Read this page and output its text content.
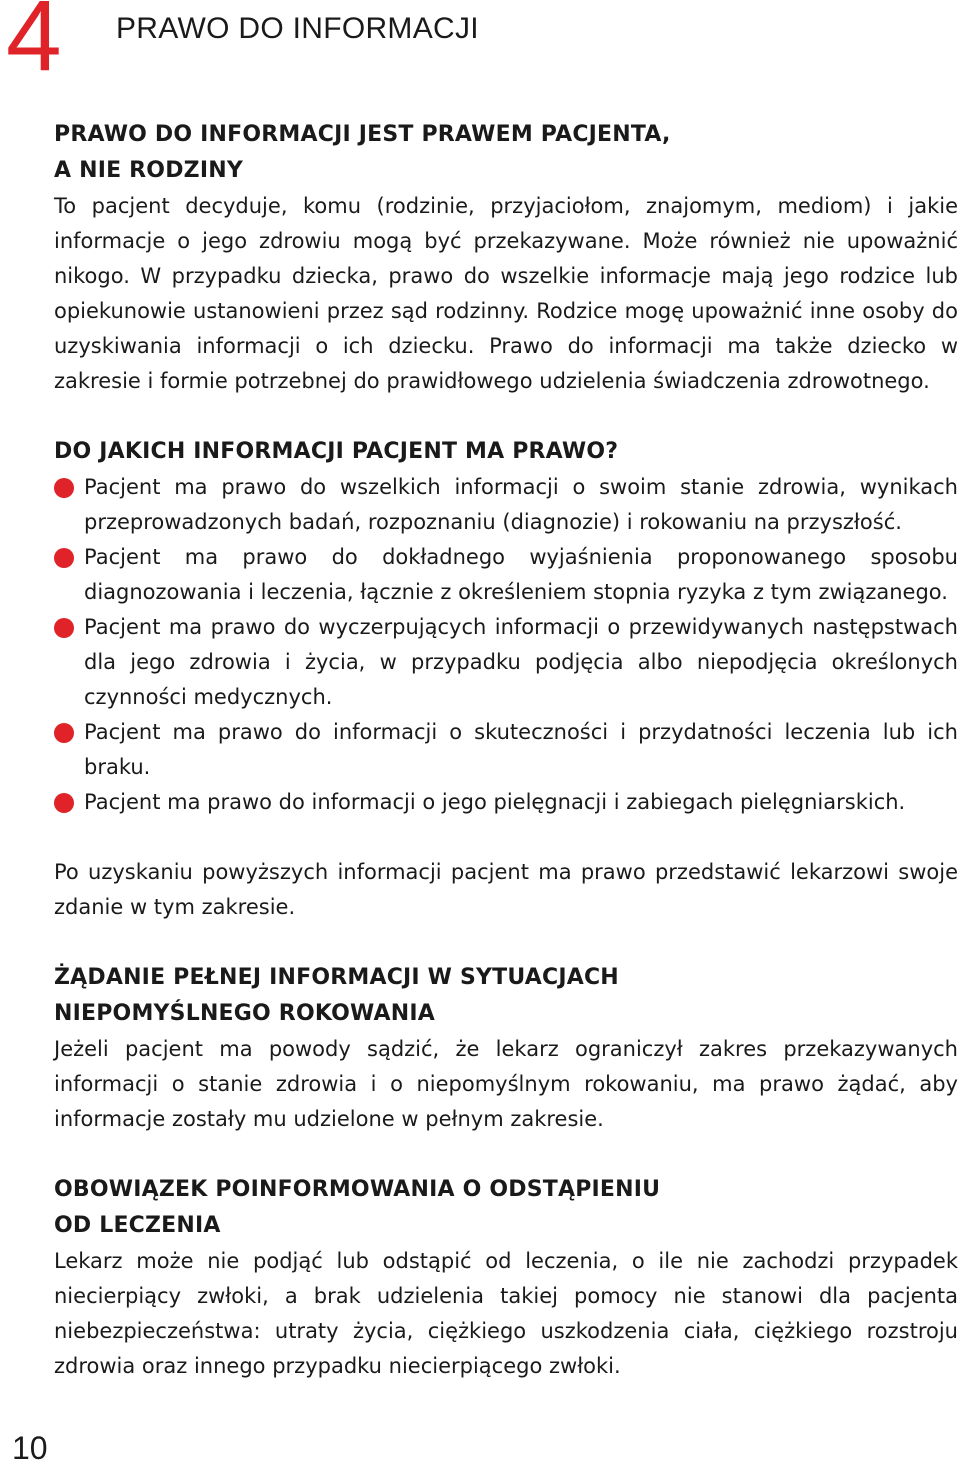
4 PRAWO DO INFORMACJI
PRAWO DO INFORMACJI JEST PRAWEM PACJENTA,
A NIE RODZINY

To pacjent decyduje, komu (rodzinie, przyjaciołom, znajomym, mediom) i jakie informacje o jego zdrowiu mogą być przekazywane. Może również nie upoważnić nikogo. W przypadku dziecka, prawo do wszelkie informacje mają jego rodzice lub opiekunowie ustanowieni przez sąd rodzinny. Rodzice mogę upoważnić inne osoby do uzyskiwania informacji o ich dziecku. Prawo do informacji ma także dziecko w zakresie i formie potrzebnej do prawidłowego udzielenia świadczenia zdrowotnego.

DO JAKICH INFORMACJI PACJENT MA PRAWO?
Pacjent ma prawo do wszelkich informacji o swoim stanie zdrowia, wynikach przeprowadzonych badań, rozpoznaniu (diagnozie) i rokowaniu na przyszłość.
Pacjent ma prawo do dokładnego wyjaśnienia proponowanego sposobu diagnozowania i leczenia, łącznie z określeniem stopnia ryzyka z tym związanego.
Pacjent ma prawo do wyczerpujących informacji o przewidywanych następstwach dla jego zdrowia i życia, w przypadku podjęcia albo niepodjęcia określonych czynności medycznych.
Pacjent ma prawo do informacji o skuteczności i przydatności leczenia lub ich braku.
Pacjent ma prawo do informacji o jego pielęgnacji i zabiegach pielęgniarskich.

Po uzyskaniu powyższych informacji pacjent ma prawo przedstawić lekarzowi swoje zdanie w tym zakresie.

ŻĄDANIE PEŁNEJ INFORMACJI W SYTUACJACH
NIEPOMYŚLNEGO ROKOWANIA

Jeżeli pacjent ma powody sądzić, że lekarz ograniczył zakres przekazywanych informacji o stanie zdrowia i o niepomyślnym rokowaniu, ma prawo żądać, aby informacje zostały mu udzielone w pełnym zakresie.

OBOWIĄZEK POINFORMOWANIA O ODSTĄPIENIU
OD LECZENIA

Lekarz może nie podjąć lub odstąpić od leczenia, o ile nie zachodzi przypadek niecierpiący zwłoki, a brak udzielenia takiej pomocy nie stanowi dla pacjenta niebezpieczeństwa: utraty życia, ciężkiego uszkodzenia ciała, ciężkiego rozstroju zdrowia oraz innego przypadku niecierpiącego zwłoki.

10
